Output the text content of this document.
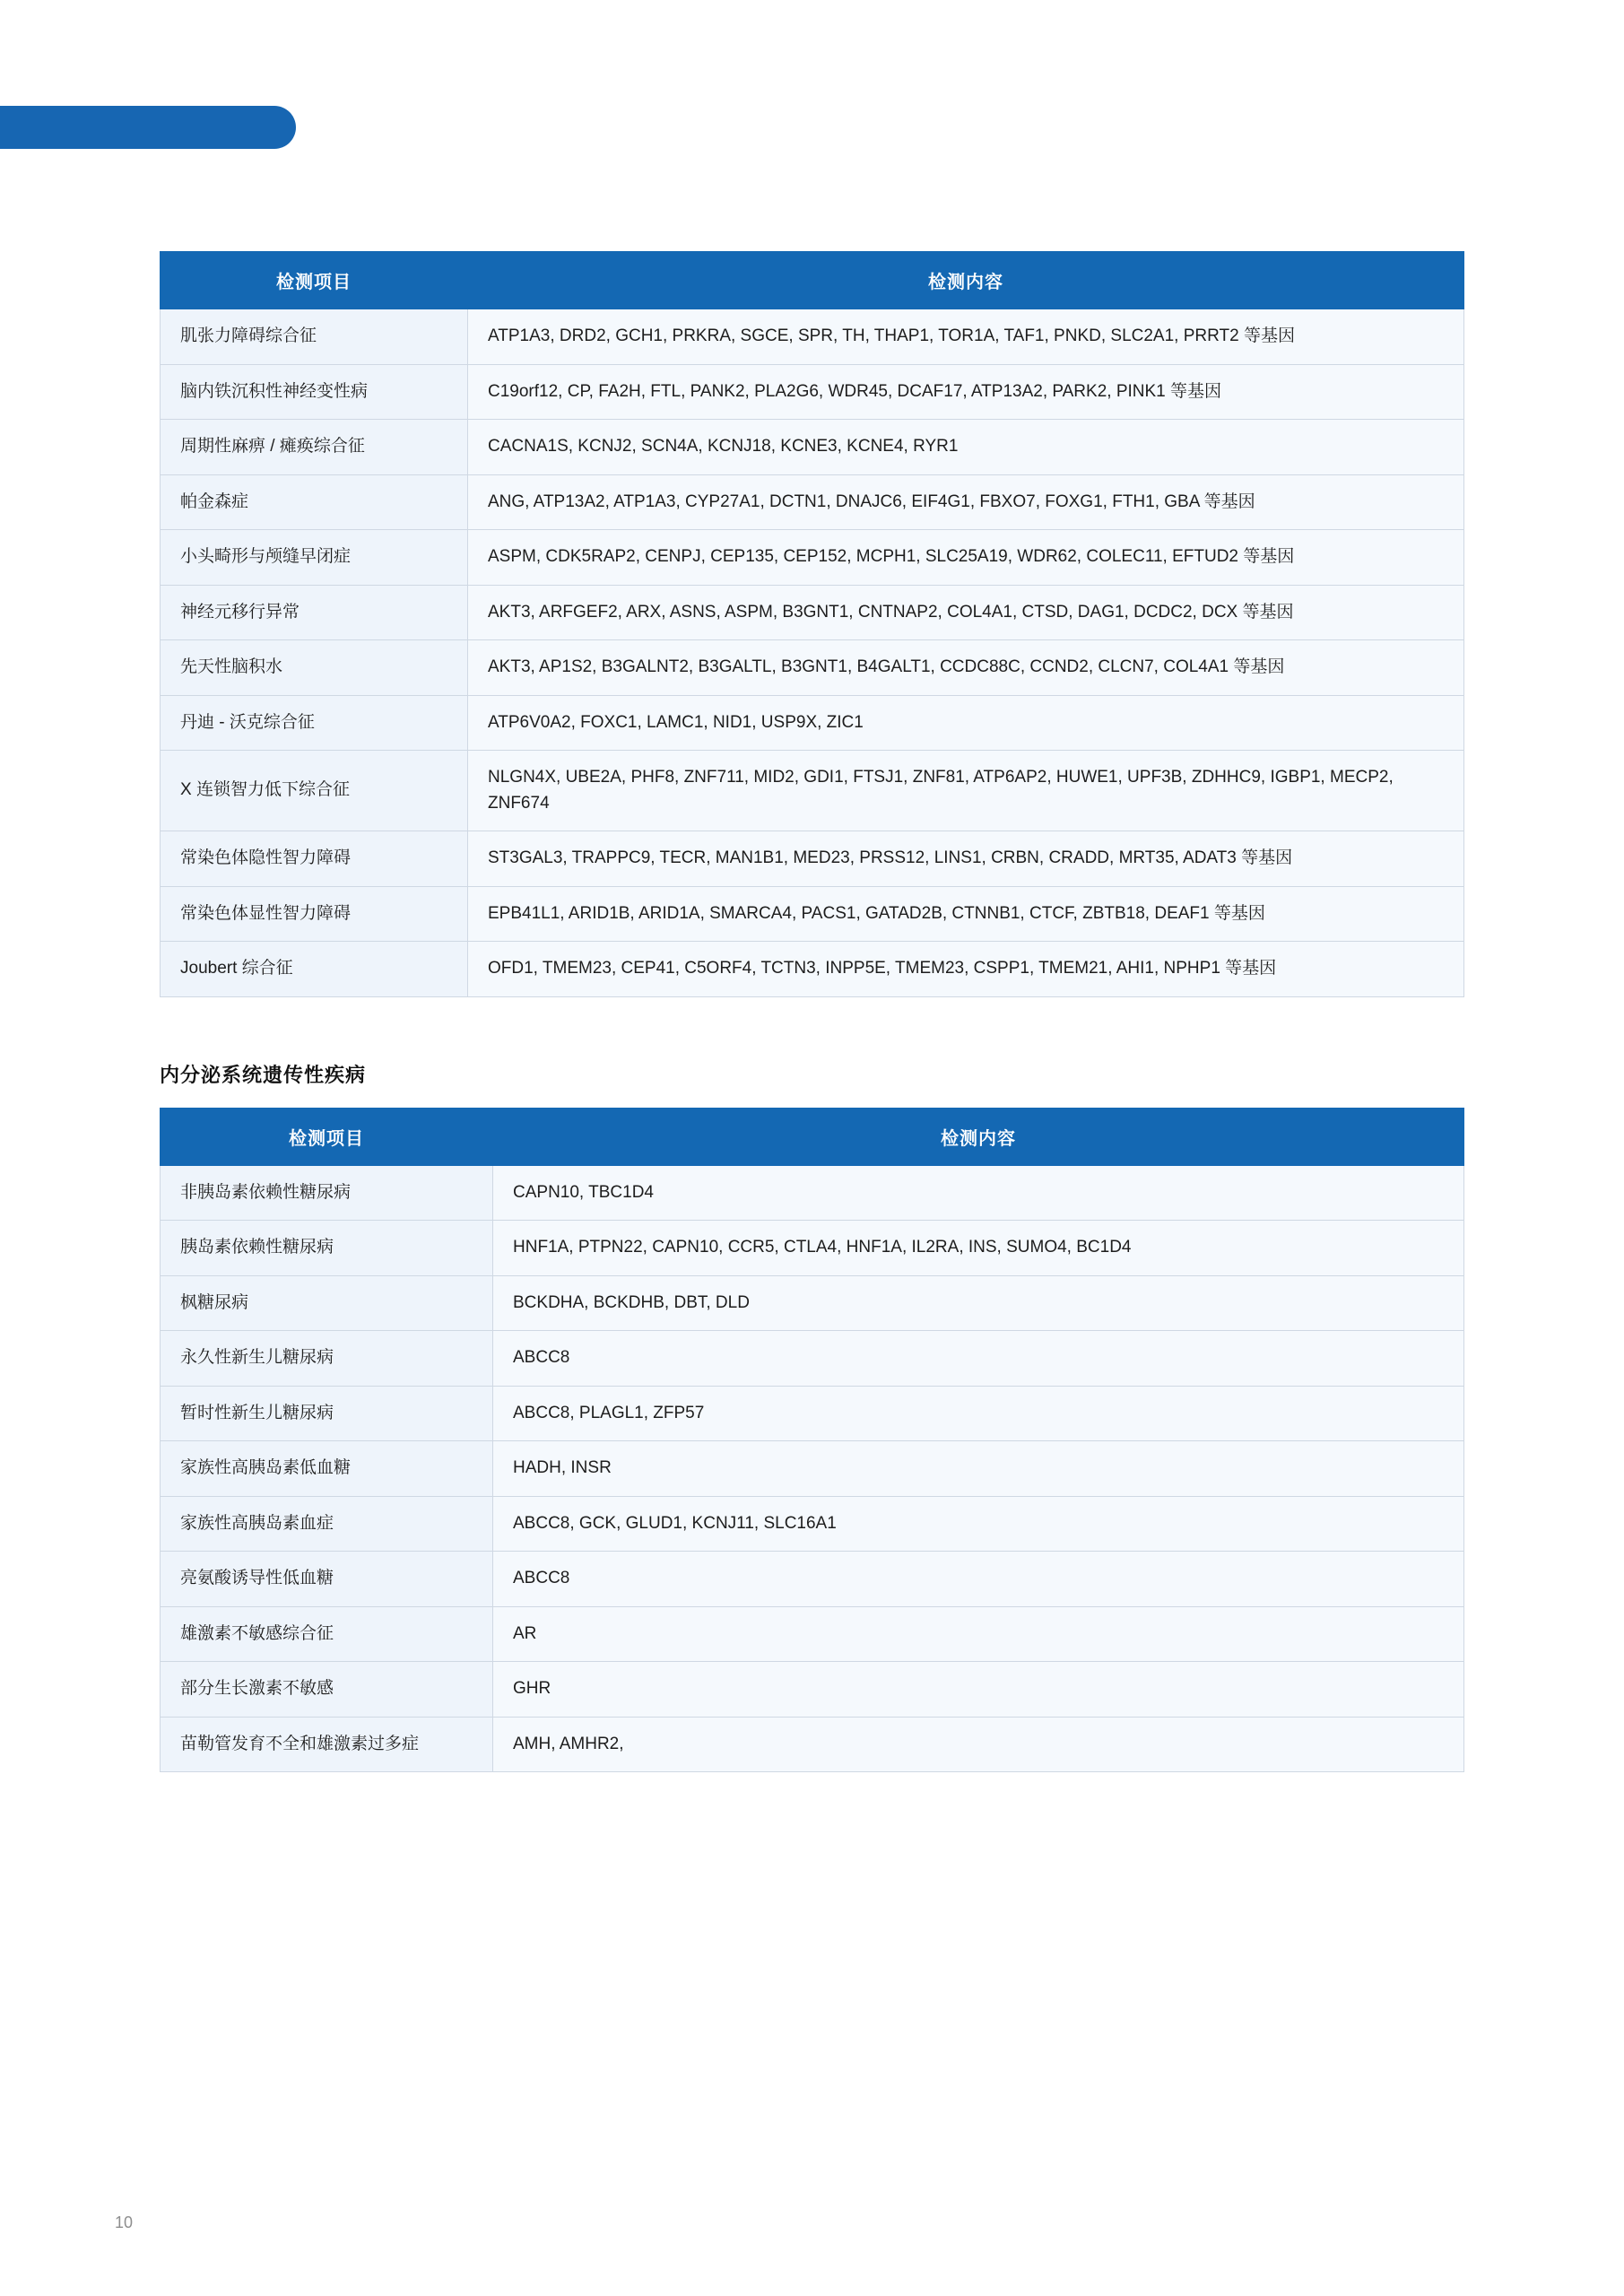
检测项目	检测内容
肌张力障碍综合征	ATP1A3, DRD2, GCH1, PRKRA, SGCE, SPR, TH, THAP1, TOR1A, TAF1, PNKD, SLC2A1, PRRT2 等基因
脑内铁沉积性神经变性病	C19orf12, CP, FA2H, FTL, PANK2, PLA2G6, WDR45, DCAF17, ATP13A2, PARK2, PINK1 等基因
周期性麻痹 / 瘫痪综合征	CACNA1S, KCNJ2, SCN4A, KCNJ18, KCNE3, KCNE4, RYR1
帕金森症	ANG, ATP13A2, ATP1A3, CYP27A1, DCTN1, DNAJC6, EIF4G1, FBXO7, FOXG1, FTH1, GBA 等基因
小头畸形与颅缝早闭症	ASPM, CDK5RAP2, CENPJ, CEP135, CEP152, MCPH1, SLC25A19, WDR62, COLEC11, EFTUD2 等基因
神经元移行异常	AKT3, ARFGEF2, ARX, ASNS, ASPM, B3GNT1, CNTNAP2, COL4A1, CTSD, DAG1, DCDC2, DCX 等基因
先天性脑积水	AKT3, AP1S2, B3GALNT2, B3GALTL, B3GNT1, B4GALT1, CCDC88C, CCND2, CLCN7, COL4A1 等基因
丹迪 - 沃克综合征	ATP6V0A2, FOXC1, LAMC1, NID1, USP9X, ZIC1
X 连锁智力低下综合征	NLGN4X, UBE2A, PHF8, ZNF711, MID2, GDI1, FTSJ1, ZNF81, ATP6AP2, HUWE1, UPF3B, ZDHHC9, IGBP1, MECP2, ZNF674
常染色体隐性智力障碍	ST3GAL3, TRAPPC9, TECR, MAN1B1, MED23, PRSS12, LINS1, CRBN, CRADD, MRT35, ADAT3 等基因
常染色体显性智力障碍	EPB41L1, ARID1B, ARID1A, SMARCA4, PACS1, GATAD2B, CTNNB1, CTCF, ZBTB18, DEAF1 等基因
Joubert 综合征	OFD1, TMEM23, CEP41, C5ORF4, TCTN3, INPP5E, TMEM23, CSPP1, TMEM21, AHI1, NPHP1 等基因
内分泌系统遗传性疾病
检测项目	检测内容
非胰岛素依赖性糖尿病	CAPN10, TBC1D4
胰岛素依赖性糖尿病	HNF1A, PTPN22, CAPN10, CCR5, CTLA4, HNF1A, IL2RA, INS, SUMO4, BC1D4
枫糖尿病	BCKDHA, BCKDHB, DBT, DLD
永久性新生儿糖尿病	ABCC8
暂时性新生儿糖尿病	ABCC8, PLAGL1, ZFP57
家族性高胰岛素低血糖	HADH, INSR
家族性高胰岛素血症	ABCC8, GCK, GLUD1, KCNJ11, SLC16A1
亮氨酸诱导性低血糖	ABCC8
雄激素不敏感综合征	AR
部分生长激素不敏感	GHR
苗勒管发育不全和雄激素过多症	AMH, AMHR2,
10
